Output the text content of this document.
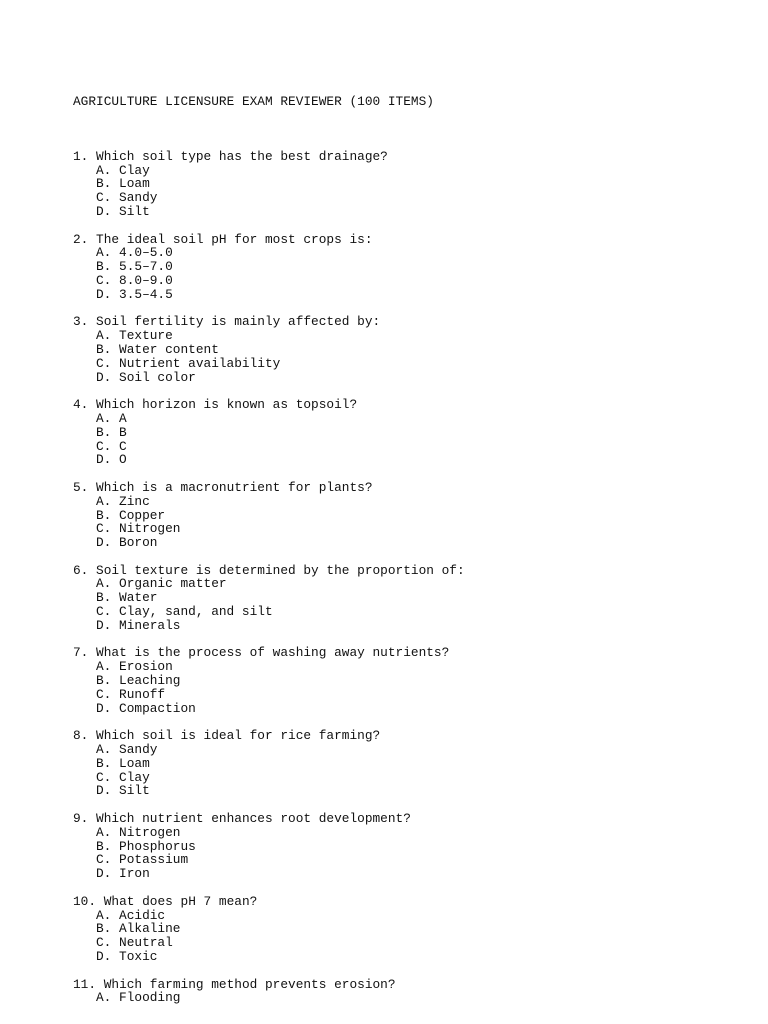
AGRICULTURE LICENSURE EXAM REVIEWER (100 ITEMS)

1. Which soil type has the best drainage?
A. Clay
B. Loam
C. Sandy
D. Silt
2. The ideal soil pH for most crops is:
A. 4.0–5.0
B. 5.5–7.0
C. 8.0–9.0
D. 3.5–4.5
3. Soil fertility is mainly affected by:
A. Texture
B. Water content
C. Nutrient availability
D. Soil color
4. Which horizon is known as topsoil?
A. A
B. B
C. C
D. O
5. Which is a macronutrient for plants?
A. Zinc
B. Copper
C. Nitrogen
D. Boron
6. Soil texture is determined by the proportion of:
A. Organic matter
B. Water
C. Clay, sand, and silt
D. Minerals
7. What is the process of washing away nutrients?
A. Erosion
B. Leaching
C. Runoff
D. Compaction
8. Which soil is ideal for rice farming?
A. Sandy
B. Loam
C. Clay
D. Silt
9. Which nutrient enhances root development?
A. Nitrogen
B. Phosphorus
C. Potassium
D. Iron
10. What does pH 7 mean?
A. Acidic
B. Alkaline
C. Neutral
D. Toxic
11. Which farming method prevents erosion?
A. Flooding
